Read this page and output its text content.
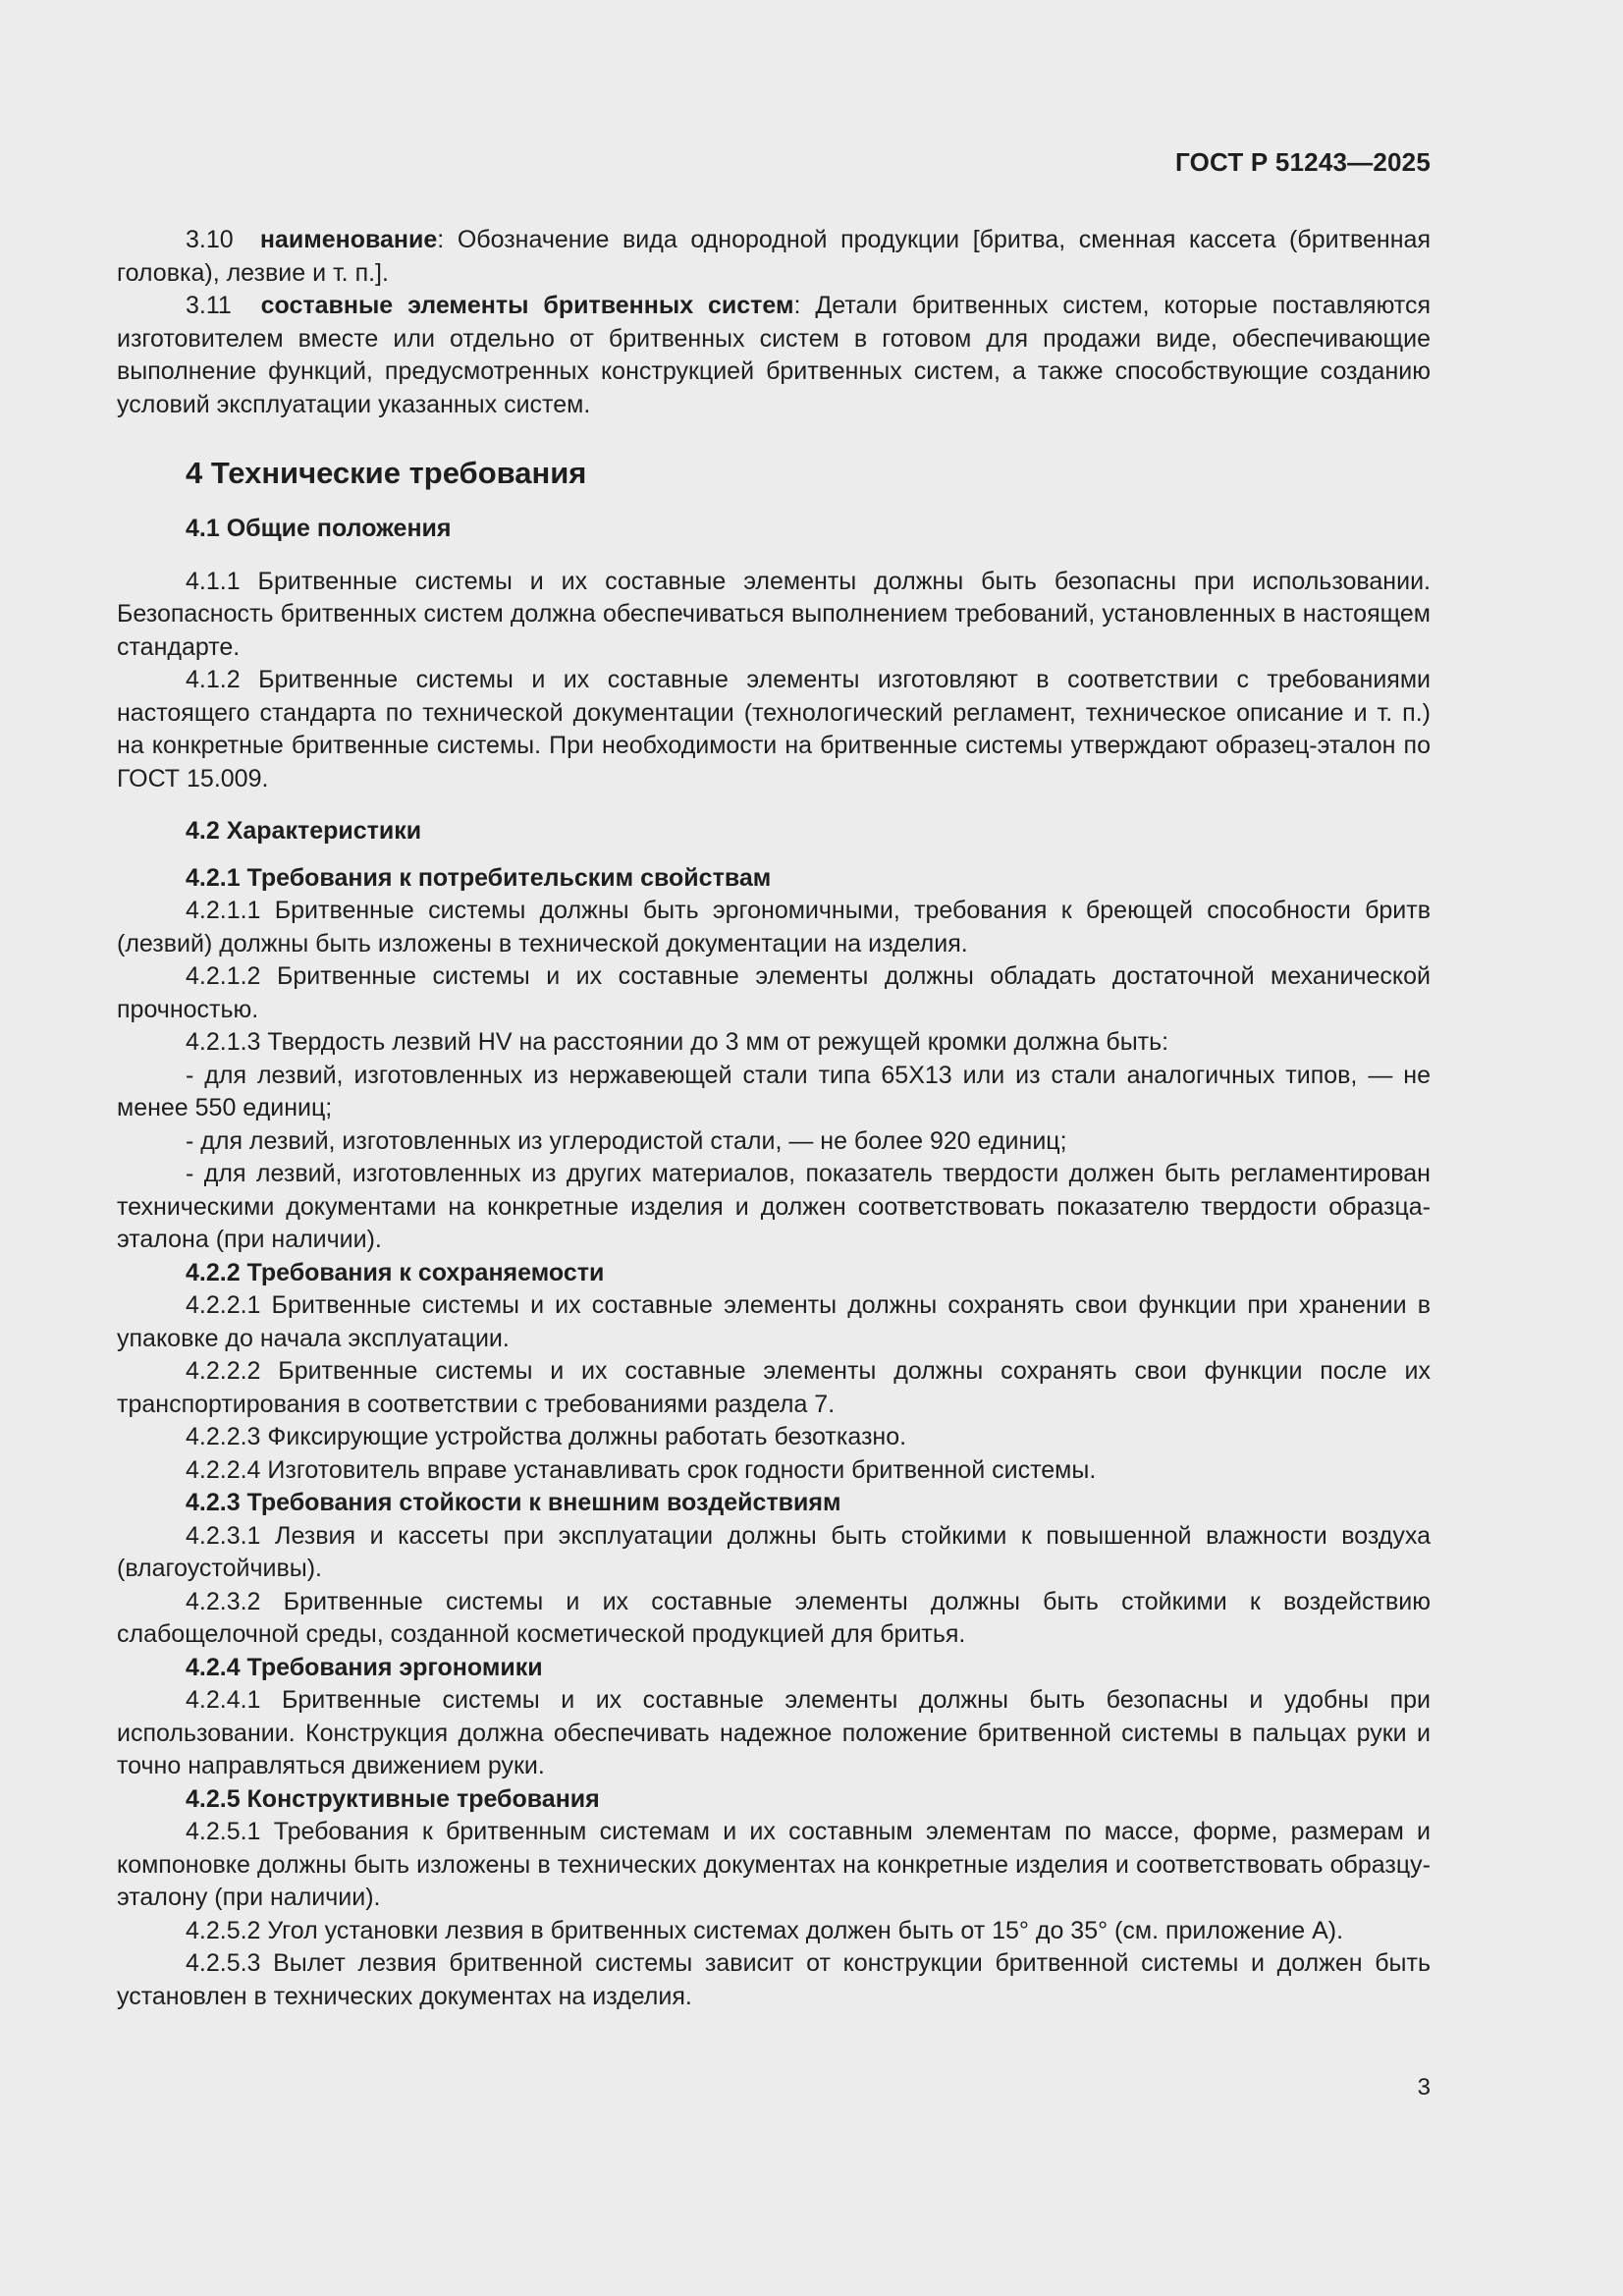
ГОСТ Р 51243—2025

3.10 наименование: Обозначение вида однородной продукции [бритва, сменная кассета (бритвенная головка), лезвие и т. п.].

3.11 составные элементы бритвенных систем: Детали бритвенных систем, которые поставляются изготовителем вместе или отдельно от бритвенных систем в готовом для продажи виде, обеспечивающие выполнение функций, предусмотренных конструкцией бритвенных систем, а также способствующие созданию условий эксплуатации указанных систем.

4 Технические требования
4.1 Общие положения

4.1.1 Бритвенные системы и их составные элементы должны быть безопасны при использовании. Безопасность бритвенных систем должна обеспечиваться выполнением требований, установленных в настоящем стандарте.

4.1.2 Бритвенные системы и их составные элементы изготовляют в соответствии с требованиями настоящего стандарта по технической документации (технологический регламент, техническое описание и т. п.) на конкретные бритвенные системы. При необходимости на бритвенные системы утверждают образец-эталон по ГОСТ 15.009.

4.2 Характеристики
4.2.1 Требования к потребительским свойствам

4.2.1.1 Бритвенные системы должны быть эргономичными, требования к бреющей способности бритв (лезвий) должны быть изложены в технической документации на изделия.

4.2.1.2 Бритвенные системы и их составные элементы должны обладать достаточной механической прочностью.

4.2.1.3 Твердость лезвий HV на расстоянии до 3 мм от режущей кромки должна быть:

- для лезвий, изготовленных из нержавеющей стали типа 65Х13 или из стали аналогичных типов, — не менее 550 единиц;

- для лезвий, изготовленных из углеродистой стали, — не более 920 единиц;

- для лезвий, изготовленных из других материалов, показатель твердости должен быть регламентирован техническими документами на конкретные изделия и должен соответствовать показателю твердости образца-эталона (при наличии).

4.2.2 Требования к сохраняемости

4.2.2.1 Бритвенные системы и их составные элементы должны сохранять свои функции при хранении в упаковке до начала эксплуатации.

4.2.2.2 Бритвенные системы и их составные элементы должны сохранять свои функции после их транспортирования в соответствии с требованиями раздела 7.

4.2.2.3 Фиксирующие устройства должны работать безотказно.

4.2.2.4 Изготовитель вправе устанавливать срок годности бритвенной системы.

4.2.3 Требования стойкости к внешним воздействиям

4.2.3.1 Лезвия и кассеты при эксплуатации должны быть стойкими к повышенной влажности воздуха (влагоустойчивы).

4.2.3.2 Бритвенные системы и их составные элементы должны быть стойкими к воздействию слабощелочной среды, созданной косметической продукцией для бритья.

4.2.4 Требования эргономики

4.2.4.1 Бритвенные системы и их составные элементы должны быть безопасны и удобны при использовании. Конструкция должна обеспечивать надежное положение бритвенной системы в пальцах руки и точно направляться движением руки.

4.2.5 Конструктивные требования

4.2.5.1 Требования к бритвенным системам и их составным элементам по массе, форме, размерам и компоновке должны быть изложены в технических документах на конкретные изделия и соответствовать образцу-эталону (при наличии).

4.2.5.2 Угол установки лезвия в бритвенных системах должен быть от 15° до 35° (см. приложение А).

4.2.5.3 Вылет лезвия бритвенной системы зависит от конструкции бритвенной системы и должен быть установлен в технических документах на изделия.

3
